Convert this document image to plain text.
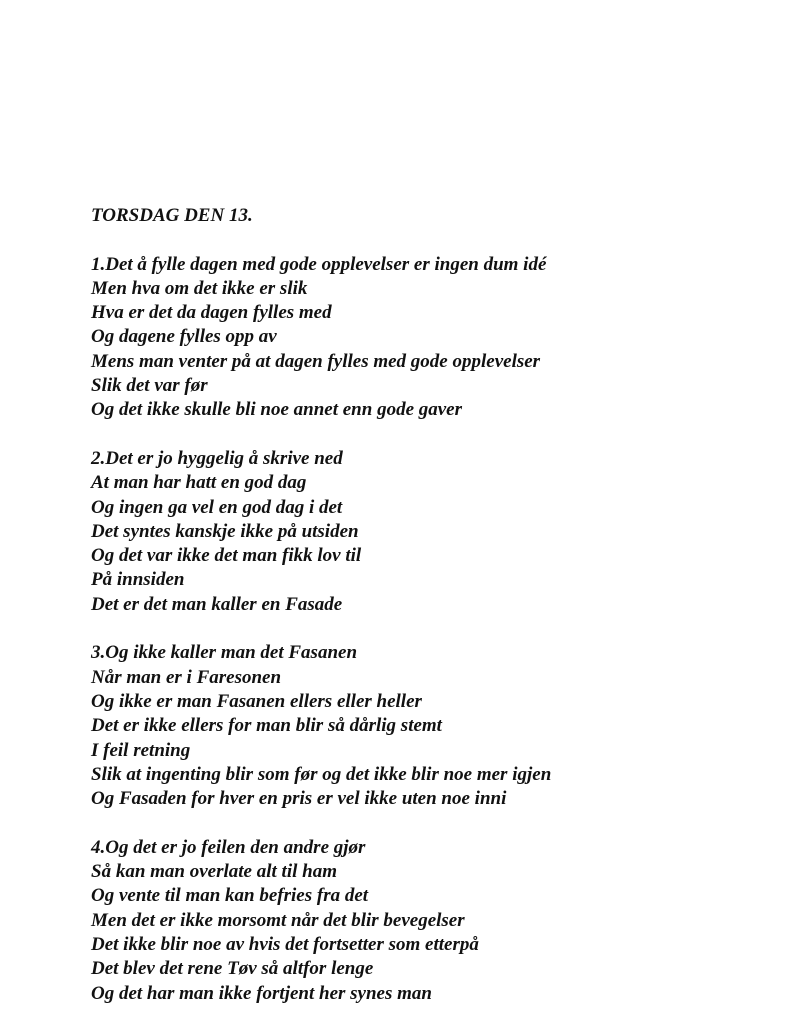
TORSDAG DEN 13.
1.Det å fylle dagen med gode opplevelser er ingen dum idé
Men hva om det ikke er slik
Hva er det da dagen fylles med
Og dagene fylles opp av
Mens man venter på at dagen fylles med gode opplevelser
Slik det var før
Og det ikke skulle bli noe annet enn gode gaver
2.Det er jo hyggelig å skrive ned
At man har hatt en god dag
Og ingen ga vel en god dag i det
Det syntes kanskje ikke på utsiden
Og det var ikke det man fikk lov til
På innsiden
Det er det man kaller en Fasade
3.Og ikke kaller man det Fasanen
Når man er i Faresonen
Og ikke er man Fasanen ellers eller heller
Det er ikke ellers for man blir så dårlig stemt
I feil retning
Slik at ingenting blir som før og det ikke blir noe mer igjen
Og Fasaden for hver en pris er vel ikke uten noe inni
4.Og det er jo feilen den andre gjør
Så kan man overlate alt til ham
Og vente til man kan befries fra det
Men det er ikke morsomt når det blir bevegelser
Det ikke blir noe av hvis det fortsetter som etterpå
Det blev det rene Tøv så altfor lenge
Og det har man ikke fortjent her synes man
